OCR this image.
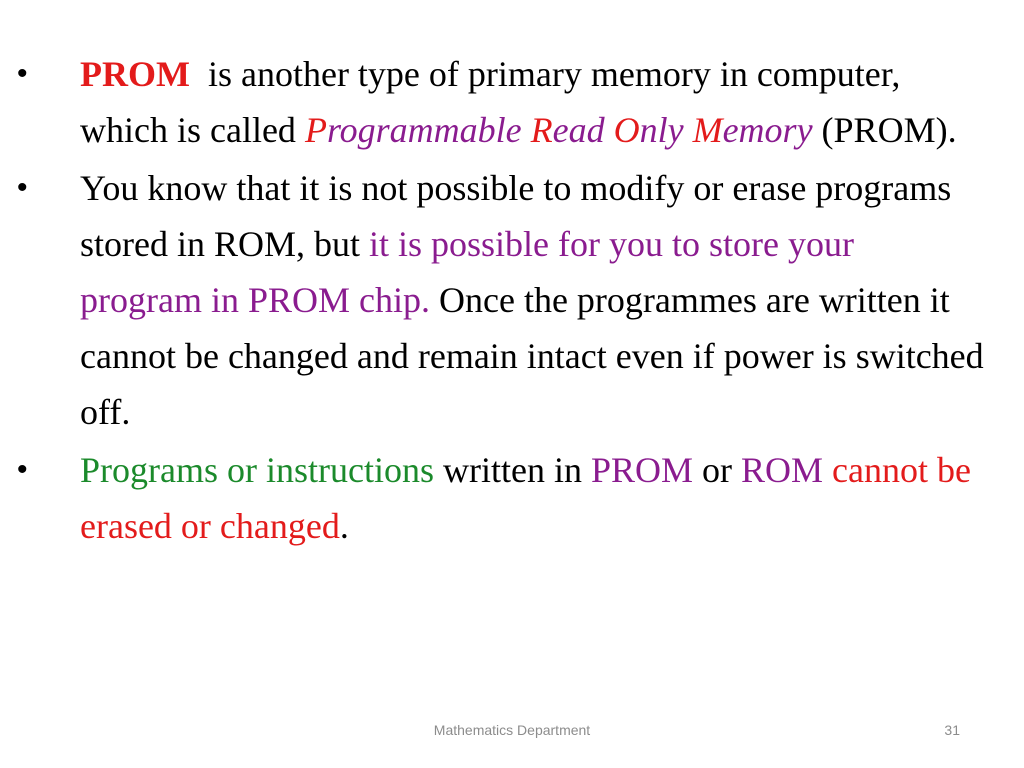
• PROM  is another type of primary memory in computer, which is called Programmable Read Only Memory (PROM).
• You know that it is not possible to modify or erase programs stored in ROM, but it is possible for you to store your program in PROM chip. Once the programmes are written it cannot be changed and remain intact even if power is switched off.
• Programs or instructions written in PROM or ROM cannot be erased or changed.
Mathematics Department	31
